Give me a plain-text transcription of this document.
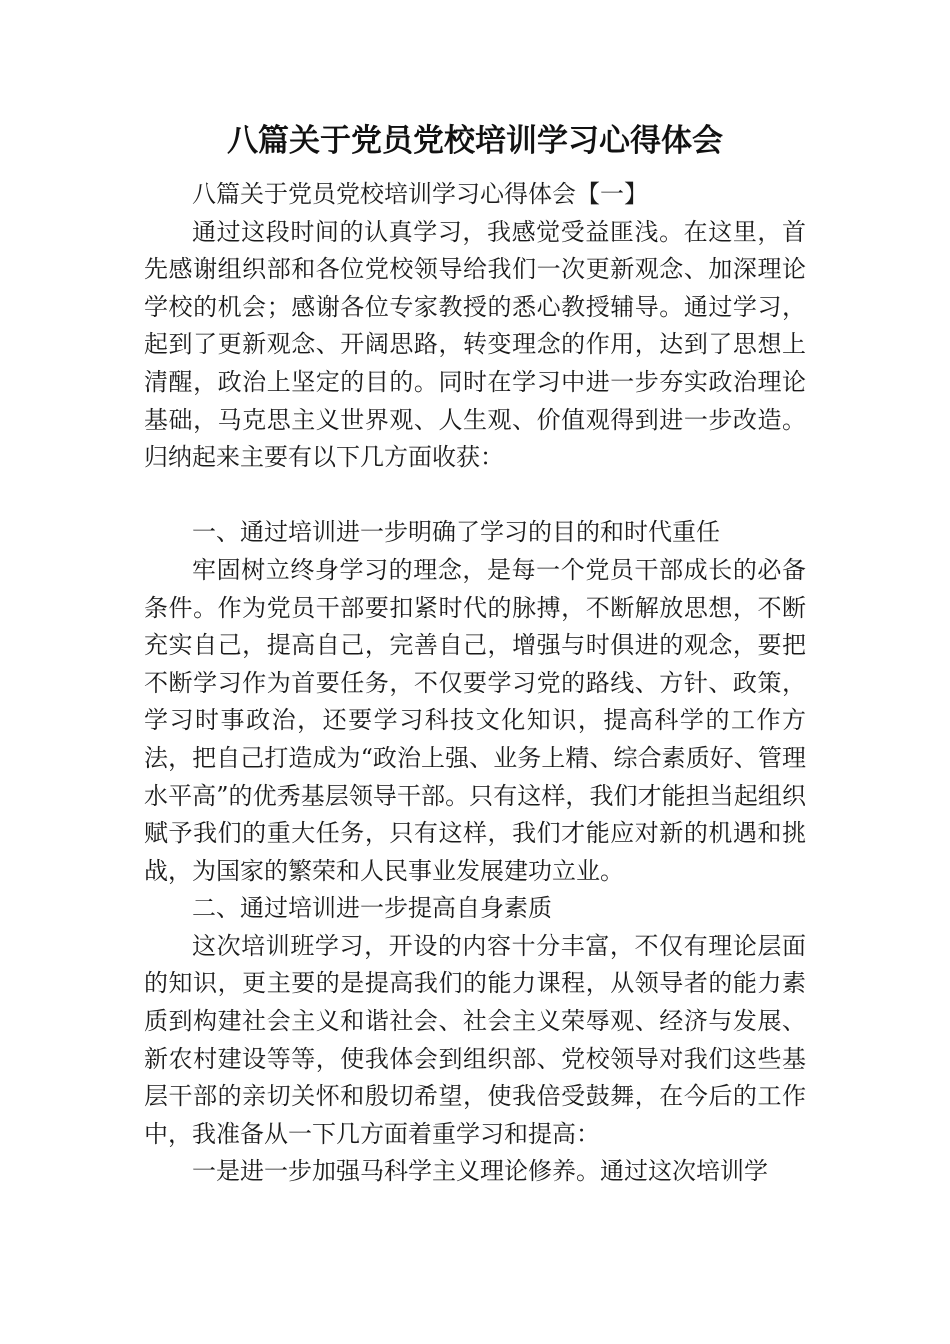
八篇关于党员党校培训学习心得体会

八篇关于党员党校培训学习心得体会【一】

通过这段时间的认真学习，我感觉受益匪浅。在这里，首先感谢组织部和各位党校领导给我们一次更新观念、加深理论学校的机会；感谢各位专家教授的悉心教授辅导。通过学习，起到了更新观念、开阔思路，转变理念的作用，达到了思想上清醒，政治上坚定的目的。同时在学习中进一步夯实政治理论基础，马克思主义世界观、人生观、价值观得到进一步改造。归纳起来主要有以下几方面收获：

一、通过培训进一步明确了学习的目的和时代重任

牢固树立终身学习的理念，是每一个党员干部成长的必备条件。作为党员干部要扣紧时代的脉搏，不断解放思想，不断充实自己，提高自己，完善自己，增强与时俱进的观念，要把不断学习作为首要任务，不仅要学习党的路线、方针、政策，学习时事政治，还要学习科技文化知识，提高科学的工作方法，把自己打造成为“政治上强、业务上精、综合素质好、管理水平高”的优秀基层领导干部。只有这样，我们才能担当起组织赋予我们的重大任务，只有这样，我们才能应对新的机遇和挑战，为国家的繁荣和人民事业发展建功立业。

二、通过培训进一步提高自身素质

这次培训班学习，开设的内容十分丰富，不仅有理论层面的知识，更主要的是提高我们的能力课程，从领导者的能力素质到构建社会主义和谐社会、社会主义荣辱观、经济与发展、新农村建设等等，使我体会到组织部、党校领导对我们这些基层干部的亲切关怀和殷切希望，使我倍受鼓舞，在今后的工作中，我准备从一下几方面着重学习和提高：

一是进一步加强马科学主义理论修养。通过这次培训学
